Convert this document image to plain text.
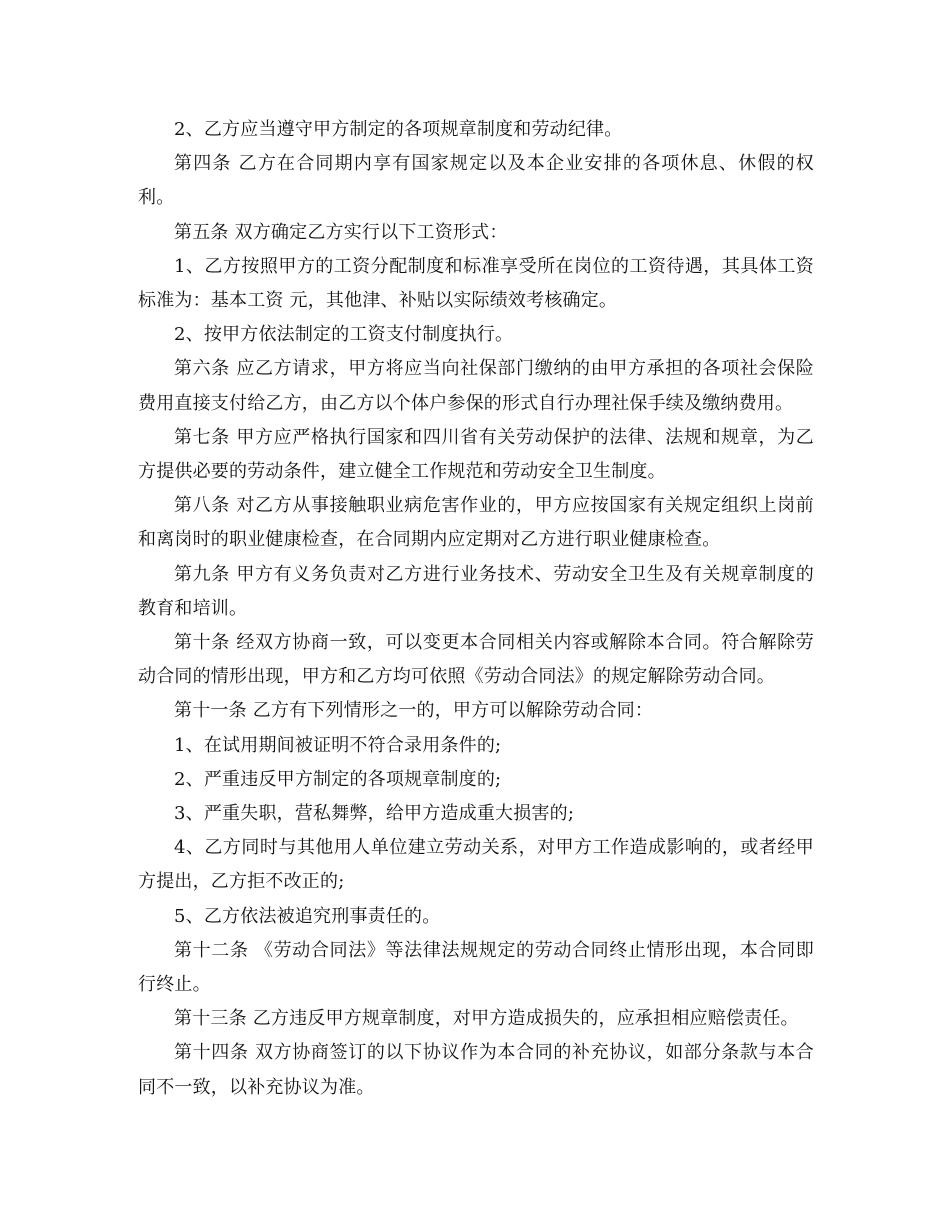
2、乙方应当遵守甲方制定的各项规章制度和劳动纪律。

第四条 乙方在合同期内享有国家规定以及本企业安排的各项休息、休假的权利。

第五条 双方确定乙方实行以下工资形式：

1、乙方按照甲方的工资分配制度和标准享受所在岗位的工资待遇，其具体工资标准为：基本工资 元，其他津、补贴以实际绩效考核确定。

2、按甲方依法制定的工资支付制度执行。

第六条 应乙方请求，甲方将应当向社保部门缴纳的由甲方承担的各项社会保险费用直接支付给乙方，由乙方以个体户参保的形式自行办理社保手续及缴纳费用。

第七条 甲方应严格执行国家和四川省有关劳动保护的法律、法规和规章，为乙方提供必要的劳动条件，建立健全工作规范和劳动安全卫生制度。

第八条 对乙方从事接触职业病危害作业的，甲方应按国家有关规定组织上岗前和离岗时的职业健康检查，在合同期内应定期对乙方进行职业健康检查。

第九条 甲方有义务负责对乙方进行业务技术、劳动安全卫生及有关规章制度的教育和培训。

第十条 经双方协商一致，可以变更本合同相关内容或解除本合同。符合解除劳动合同的情形出现，甲方和乙方均可依照《劳动合同法》的规定解除劳动合同。

第十一条 乙方有下列情形之一的，甲方可以解除劳动合同：

1、在试用期间被证明不符合录用条件的;

2、严重违反甲方制定的各项规章制度的;

3、严重失职，营私舞弊，给甲方造成重大损害的;

4、乙方同时与其他用人单位建立劳动关系，对甲方工作造成影响的，或者经甲方提出，乙方拒不改正的;

5、乙方依法被追究刑事责任的。

第十二条 《劳动合同法》等法律法规规定的劳动合同终止情形出现，本合同即行终止。

第十三条 乙方违反甲方规章制度，对甲方造成损失的，应承担相应赔偿责任。

第十四条 双方协商签订的以下协议作为本合同的补充协议，如部分条款与本合同不一致，以补充协议为准。
